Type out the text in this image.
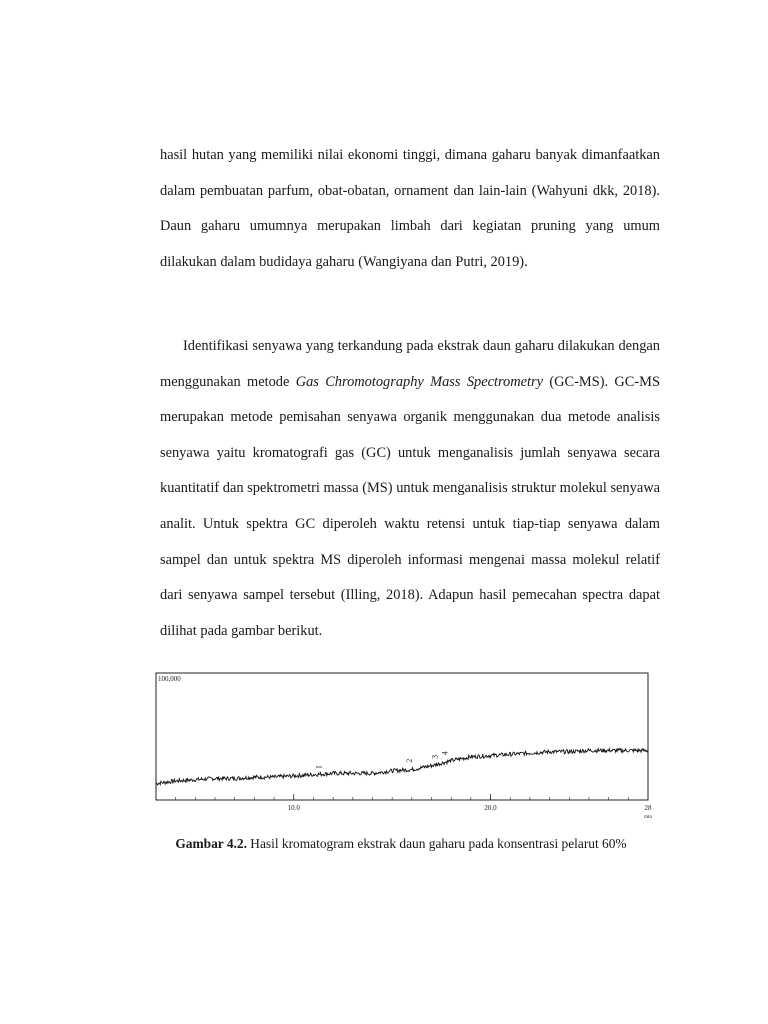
hasil hutan yang memiliki nilai ekonomi tinggi, dimana gaharu banyak dimanfaatkan dalam pembuatan parfum, obat-obatan, ornament dan lain-lain (Wahyuni dkk, 2018). Daun gaharu umumnya merupakan limbah dari kegiatan pruning yang umum dilakukan dalam budidaya gaharu (Wangiyana dan Putri, 2019).

Identifikasi senyawa yang terkandung pada ekstrak daun gaharu dilakukan dengan menggunakan metode Gas Chromotography Mass Spectrometry (GC-MS). GC-MS merupakan metode pemisahan senyawa organik menggunakan dua metode analisis senyawa yaitu kromatografi gas (GC) untuk menganalisis jumlah senyawa secara kuantitatif dan spektrometri massa (MS) untuk menganalisis struktur molekul senyawa analit. Untuk spektra GC diperoleh waktu retensi untuk tiap-tiap senyawa dalam sampel dan untuk spektra MS diperoleh informasi mengenai massa molekul relatif dari senyawa sampel tersebut (Illing, 2018). Adapun hasil pemecahan spectra dapat dilihat pada gambar berikut.

100,000
10.0	20.0	28
min
1
2
3
4

Gambar 4.2. Hasil kromatogram ekstrak daun gaharu pada konsentrasi pelarut 60%
